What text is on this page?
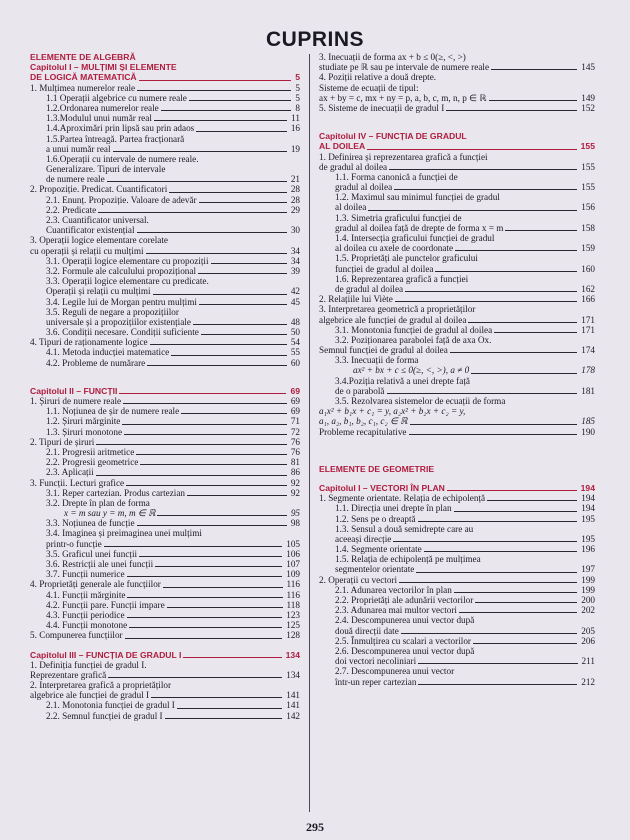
CUPRINS
ELEMENTE DE ALGEBRĂ
Capitolul I – MULȚIMI ȘI ELEMENTE
DE LOGICĂ MATEMATICĂ	5
1. Mulțimea numerelor reale	5
1.1 Operații algebrice cu numere reale	5
1.2.Ordonarea numerelor reale	8
1.3.Modulul unui număr real	11
1.4.Aproximări prin lipsă sau prin adaos	16
1.5.Partea întreagă. Partea fracționară
a unui număr real	19
1.6.Operații cu intervale de numere reale.
Generalizare. Tipuri de intervale
de numere reale	21
2. Propoziție. Predicat. Cuantificatori	28
2.1. Enunț. Propoziție. Valoare de adevăr	28
2.2. Predicate	29
2.3. Cuantificator universal.
Cuantificator existențial	30
3. Operații logice elementare corelate
cu operații și relații cu mulțimi	34
3.1. Operații logice elementare cu propoziții	34
3.2. Formule ale calculului propozițional	39
3.3. Operații logice elementare cu predicate.
Operații și relații cu mulțimi	42
3.4. Legile lui de Morgan pentru mulțimi	45
3.5. Reguli de negare a propozițiilor
universale și a propozițiilor existențiale	48
3.6. Condiții necesare. Condiții suficiente	50
4. Tipuri de raționamente logice	54
4.1. Metoda inducției matematice	55
4.2. Probleme de numărare	60
Capitolul II – FUNCȚII	69
1. Șiruri de numere reale	69
1.1. Noțiunea de șir de numere reale	69
1.2. Șiruri mărginite	71
1.3. Șiruri monotone	72
2. Tipuri de șiruri	76
2.1. Progresii aritmetice	76
2.2. Progresii geometrice	81
2.3. Aplicații	86
3. Funcții. Lecturi grafice	92
3.1. Reper cartezian. Produs cartezian	92
3.2. Drepte în plan de forma
x = m sau y = m, m ∈ ℝ	95
3.3. Noțiunea de funcție	98
3.4. Imaginea și preimaginea unei mulțimi
printr-o funcție	105
3.5. Graficul unei funcții	106
3.6. Restricții ale unei funcții	107
3.7. Funcții numerice	109
4. Proprietăți generale ale funcțiilor	116
4.1. Funcții mărginite	116
4.2. Funcții pare. Funcții impare	118
4.3. Funcții periodice	123
4.4. Funcții monotone	125
5. Compunerea funcțiilor	128
Capitolul III – FUNCȚIA DE GRADUL I	134
1. Definiția funcției de gradul I.
Reprezentare grafică	134
2. Interpretarea grafică a proprietăților
algebrice ale funcției de gradul I	141
2.1. Monotonia funcției de gradul I	141
2.2. Semnul funcției de gradul I	142
3. Inecuații de forma ax + b ≤ 0(≥, <, >)
studiate pe ℝ sau pe intervale de numere reale	145
4. Poziții relative a două drepte.
Sisteme de ecuații de tipul:
ax + by = c, mx + ny = p, a, b, c, m, n, p ∈ ℝ	149
5. Sisteme de inecuații de gradul I	152
Capitolul IV – FUNCȚIA DE GRADUL
AL DOILEA	155
1. Definirea și reprezentarea grafică a funcției
de gradul al doilea	155
1.1. Forma canonică a funcției de
gradul al doilea	155
1.2. Maximul sau minimul funcției de gradul
al doilea	156
1.3. Simetria graficului funcției de
gradul al doilea față de drepte de forma x = m	158
1.4. Intersecția graficului funcției de gradul
al doilea cu axele de coordonate	159
1.5. Proprietăți ale punctelor graficului
funcției de gradul al doilea	160
1.6. Reprezentarea grafică a funcției
de gradul al doilea	162
2. Relațiile lui Viète	166
3. Interpretarea geometrică a proprietăților
algebrice ale funcției de gradul al doilea	171
3.1. Monotonia funcției de gradul al doilea	171
3.2. Poziționarea parabolei față de axa Ox.
Semnul funcției de gradul al doilea	174
3.3. Inecuații de forma
ax² + bx + c ≤ 0(≥, <, >), a ≠ 0	178
3.4.Poziția relativă a unei drepte față
de o parabolă	181
3.5. Rezolvarea sistemelor de ecuații de forma
a₁x² + b₁x + c₁ = y, a₂x² + b₂x + c₂ = y,
a₁, a₂, b₁, b₂, c₁, c₂ ∈ ℝ	185
Probleme recapitulative	190
ELEMENTE DE GEOMETRIE
Capitolul I – VECTORI ÎN PLAN	194
1. Segmente orientate. Relația de echipolență	194
1.1. Direcția unei drepte în plan	194
1.2. Sens pe o dreaptă	195
1.3. Sensul a două semidrepte care au
aceeași direcție	195
1.4. Segmente orientate	196
1.5. Relația de echipolență pe mulțimea
segmentelor orientate	197
2. Operații cu vectori	199
2.1. Adunarea vectorilor în plan	199
2.2. Proprietăți ale adunării vectorilor	200
2.3. Adunarea mai multor vectori	202
2.4. Descompunerea unui vector după
două direcții date	205
2.5. Înmulțirea cu scalari a vectorilor	206
2.6. Descompunerea unui vector după
doi vectori necoliniari	211
2.7. Descompunerea unui vector
într-un reper cartezian	212
295
